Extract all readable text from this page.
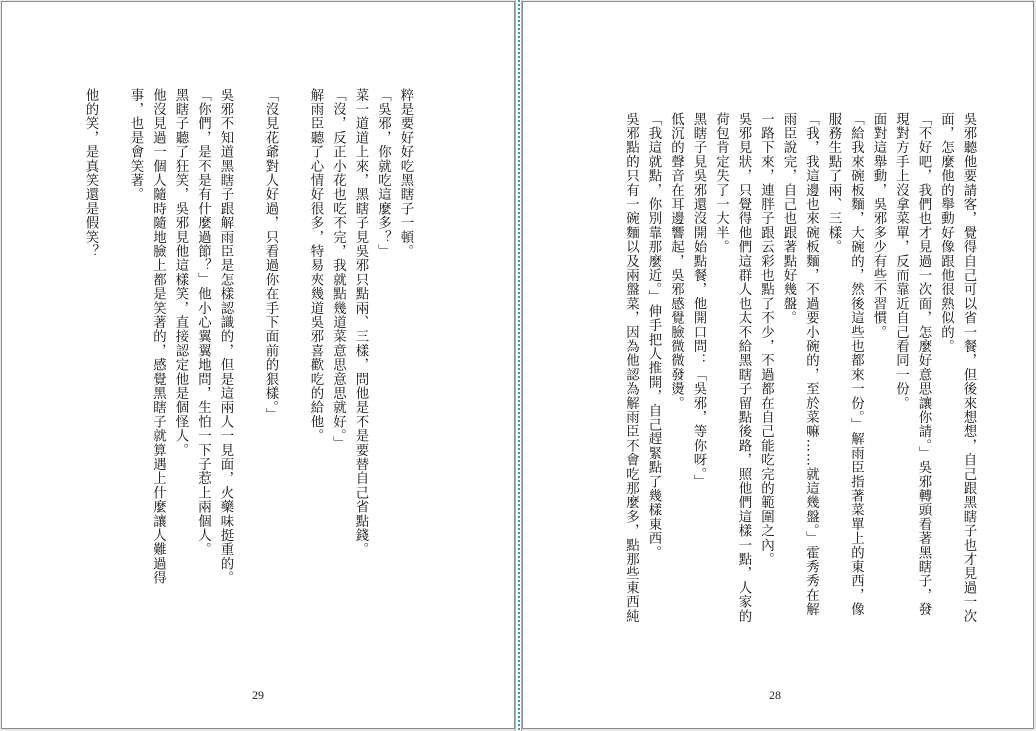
粹是要好好吃黑瞎子一頓。
「吳邪，你就吃這麼多？」
菜一道道上來，黑瞎子見吳邪只點兩、三樣，問他是不是要替自己省點錢。
「沒，反正小花也吃不完，我就點幾道菜意思意思就好。」
解雨臣聽了心情好很多，特易夾幾道吳邪喜歡吃的給他。

「沒見花爺對人好過，只看過你在手下面前的狠樣。」

吳邪不知道黑瞎子跟解雨臣是怎樣認識的，但是這兩人一見面，火藥味挺重的。
「你們，是不是有什麼過節？」他小心翼翼地問，生怕一下子惹上兩個人。
黑瞎子聽了狂笑，吳邪見他這樣笑，直接認定他是個怪人。
他沒見過一個人隨時隨地臉上都是笑著的，感覺黑瞎子就算遇上什麼讓人難過得
事，也是會笑著。

他的笑，是真笑還是假笑？
29
吳邪聽他要請客，覺得自己可以省一餐，但後來想想，自己跟黑瞎子也才見過一次
面，怎麼他的舉動好像跟他很熟似的。
「不好吧，我們也才見過一次面，怎麼好意思讓你請。」吳邪轉頭看著黑瞎子，發
現對方手上沒拿菜單，反而靠近自己看同一份。
面對這舉動，吳邪多少有些不習慣。
「給我來碗板麵，大碗的，然後這些也都來一份。」解雨臣指著菜單上的東西，像
服務生點了兩、三樣。
「我，我這邊也來碗板麵，不過要小碗的，至於菜嘛……就這幾盤。」霍秀秀在解
雨臣說完，自己也跟著點好幾盤。
一路下來，連胖子跟云彩也點了不少，不過都在自己能吃完的範圍之內。
吳邪見狀，只覺得他們這群人也太不給黑瞎子留點後路，照他們這樣一點，人家的
荷包肯定失了一大半。
黑瞎子見吳邪還沒開始點餐，他開口問：「吳邪，等你呀。」
低沉的聲音在耳邊響起，吳邪感覺臉微微發燙。
「我這就點，你別靠那麼近。」伸手把人推開，自己趕緊點了幾樣東西。
吳邪點的只有一碗麵以及兩盤菜，因為他認為解雨臣不會吃那麼多，點那些東西純
28
